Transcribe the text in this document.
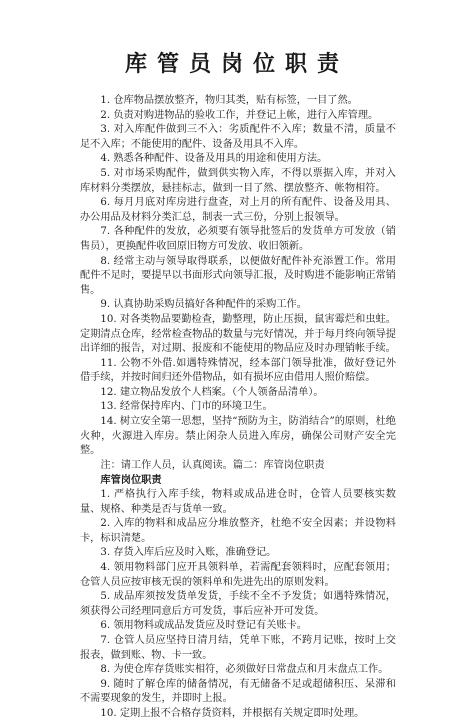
库管员岗位职责

1. 仓库物品摆放整齐，物归其类，贴有标签，一目了然。

2. 负责对购进物品的验收工作，并登记上帐，进行入库管理。

3. 对入库配件做到三不入：劣质配件不入库；数量不清，质量不足不入库；不能使用的配件、设备及用具不入库。

4. 熟悉各种配件、设备及用具的用途和使用方法。

5. 对市场采购配件，做到供实物入库，不得以票据入库，并对入库材料分类摆放，悬挂标志，做到一目了然、摆放整齐、帐物相符。

6. 每月月底对库房进行盘查，对上月的所有配件、设备及用具、办公用品及材料分类汇总，制表一式三份，分别上报领导。

7. 各种配件的发放，必须要有领导批签后的发货单方可发放（销售员），更换配件收回原旧物方可发放、收旧领新。

8. 经常主动与领导取得联系，以便做好配件补充添置工作。常用配件不足时，要提早以书面形式向领导汇报，及时购进不能影响正常销售。

9. 认真协助采购员搞好各种配件的采购工作。

10. 对各类物品要勤检查，勤整理，防止压损，鼠害霉烂和虫蛀。定期清点仓库，经常检查物品的数量与完好情况，并于每月终向领导提出详细的报告，对过期、报废和不能使用的物品应及时办理销帐手续。

11. 公物不外借.如遇特殊情况，经本部门领导批准，做好登记外借手续，并按时间归还外借物品，如有损坏应由借用人照价赔偿。

12. 建立物品发放个人档案。（个人领备品清单）。

13. 经常保持库内、门市的环境卫生。

14. 树立安全第一思想，坚持“预防为主，防消结合”的原则，杜绝火种，火源进入库房。禁止闲杂人员进入库房，确保公司财产安全完整。

注：请工作人员，认真阅读。篇二：库管岗位职责

库管岗位职责

1. 严格执行入库手续，物料或成品进仓时，仓管人员要核实数量、规格、种类是否与货单一致。

2. 入库的物料和成品应分堆放整齐，杜绝不安全因素；并设物料卡，标识清楚。

3. 存货入库后应及时入账，准确登记。

4. 领用物料部门应开具领料单，若需配套领料时，应配套领用；仓管人员应按审核无误的领料单和先进先出的原则发料。

5. 成品库须按发货单发货，手续不全不予发货；如遇特殊情况，须获得公司经理同意后方可发货，事后应补开可发货。

6. 领用物料或成品发货应及时登记有关账卡。

7. 仓管人员应坚持日清月结，凭单下账，不跨月记账，按时上交报表，做到账、物、卡一致。

8. 为使仓库存货账实相符，必须做好日常盘点和月末盘点工作。

9. 随时了解仓库的储备情况，有无储备不足或超储积压、呆滞和不需要现象的发生，并即时上报。

10. 定期上报不合格存货资料，并根据有关规定即时处理。
